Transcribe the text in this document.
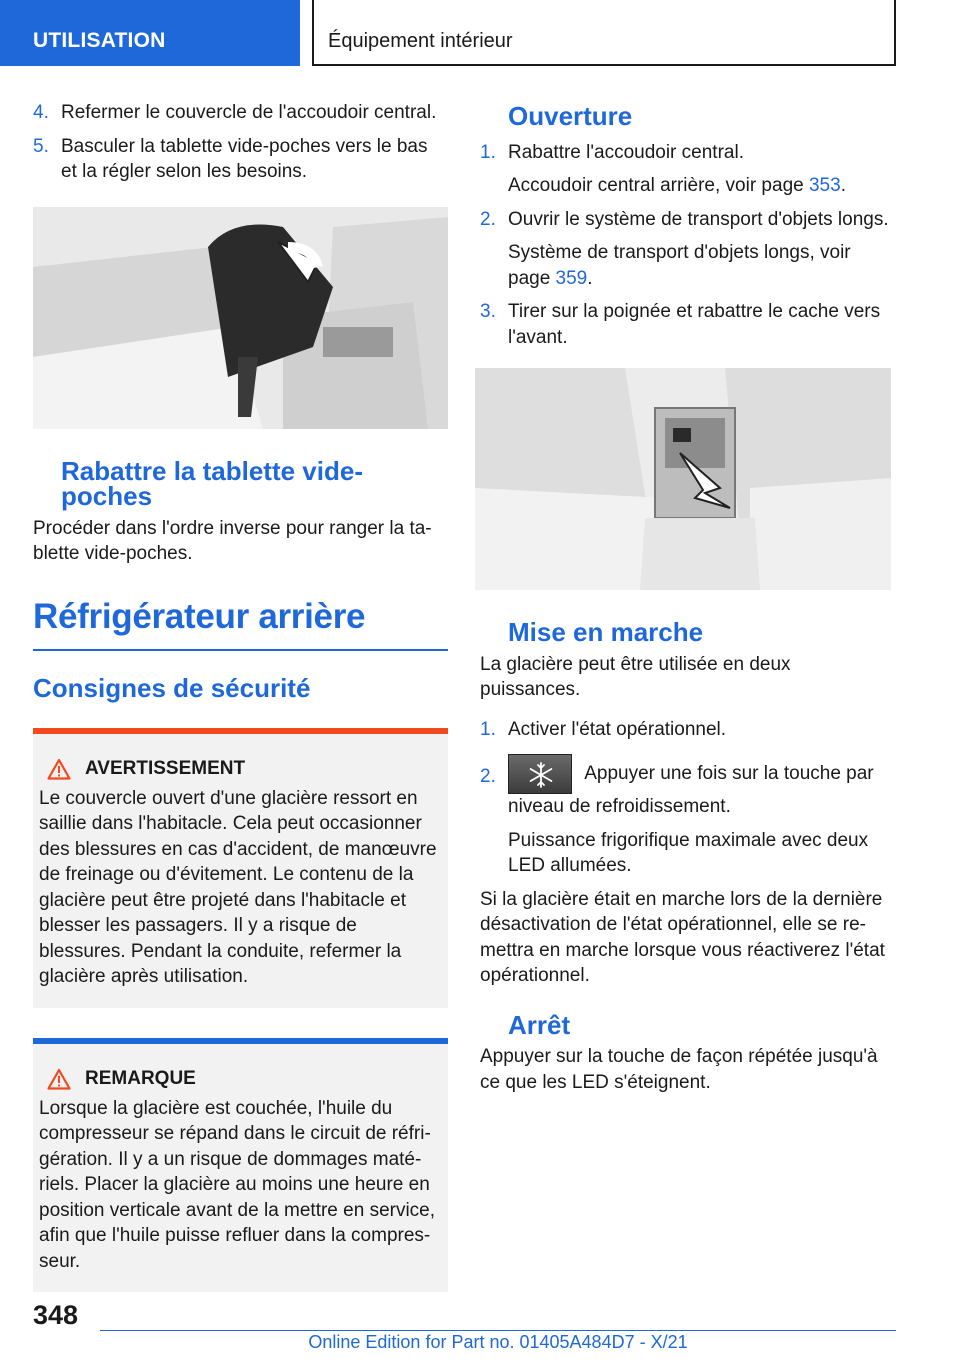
UTILISATION	Équipement intérieur
4. Refermer le couvercle de l'accoudoir central.
5. Basculer la tablette vide-poches vers le bas et la régler selon les besoins.
Rabattre la tablette vide-poches
Procéder dans l'ordre inverse pour ranger la ta-blette vide-poches.
Réfrigérateur arrière
Consignes de sécurité
AVERTISSEMENT
Le couvercle ouvert d'une glacière ressort en saillie dans l'habitacle. Cela peut occasionner des blessures en cas d'accident, de manœuvre de freinage ou d'évitement. Le contenu de la glacière peut être projeté dans l'habitacle et blesser les passagers. Il y a risque de blessures. Pendant la conduite, refermer la glacière après utilisation.
REMARQUE
Lorsque la glacière est couchée, l'huile du compresseur se répand dans le circuit de réfri-gération. Il y a un risque de dommages maté-riels. Placer la glacière au moins une heure en position verticale avant de la mettre en service, afin que l'huile puisse refluer dans la compres-seur.
Ouverture
1. Rabattre l'accoudoir central.
Accoudoir central arrière, voir page 353.
2. Ouvrir le système de transport d'objets longs.
Système de transport d'objets longs, voir page 359.
3. Tirer sur la poignée et rabattre le cache vers l'avant.
Mise en marche
La glacière peut être utilisée en deux puissances.
1. Activer l'état opérationnel.
2.	Appuyer une fois sur la touche par niveau de refroidissement.
Puissance frigorifique maximale avec deux LED allumées.
Si la glacière était en marche lors de la dernière désactivation de l'état opérationnel, elle se re-mettra en marche lorsque vous réactiverez l'état opérationnel.
Arrêt
Appuyer sur la touche de façon répétée jusqu'à ce que les LED s'éteignent.
348
Online Edition for Part no. 01405A484D7 - X/21
